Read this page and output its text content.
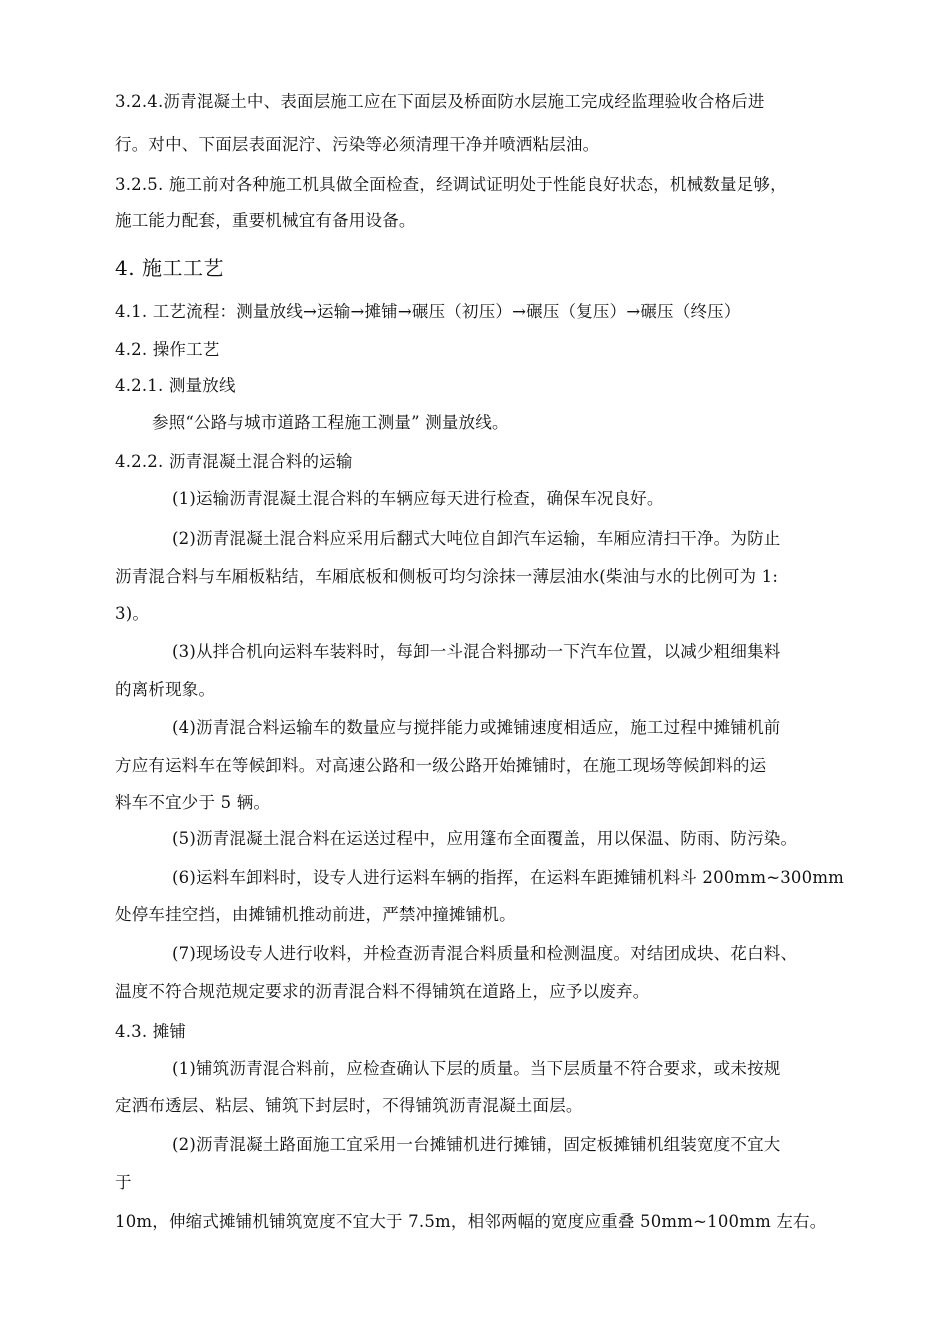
3.2.4.沥青混凝土中、表面层施工应在下面层及桥面防水层施工完成经监理验收合格后进
行。对中、下面层表面泥泞、污染等必须清理干净并喷洒粘层油。
3.2.5. 施工前对各种施工机具做全面检查，经调试证明处于性能良好状态，机械数量足够，
施工能力配套，重要机械宜有备用设备。
4. 施工工艺
4.1. 工艺流程：测量放线→运输→摊铺→碾压（初压）→碾压（复压）→碾压（终压）
4.2. 操作工艺
4.2.1. 测量放线
参照“公路与城市道路工程施工测量” 测量放线。
4.2.2. 沥青混凝土混合料的运输
(1)运输沥青混凝土混合料的车辆应每天进行检查，确保车况良好。
(2)沥青混凝土混合料应采用后翻式大吨位自卸汽车运输，车厢应清扫干净。为防止
沥青混合料与车厢板粘结，车厢底板和侧板可均匀涂抹一薄层油水(柴油与水的比例可为 1:
3)。
(3)从拌合机向运料车装料时，每卸一斗混合料挪动一下汽车位置，以减少粗细集料
的离析现象。
(4)沥青混合料运输车的数量应与搅拌能力或摊铺速度相适应，施工过程中摊铺机前
方应有运料车在等候卸料。对高速公路和一级公路开始摊铺时，在施工现场等候卸料的运
料车不宜少于 5 辆。
(5)沥青混凝土混合料在运送过程中，应用篷布全面覆盖，用以保温、防雨、防污染。
(6)运料车卸料时，设专人进行运料车辆的指挥，在运料车距摊铺机料斗 200mm~300mm
处停车挂空挡，由摊铺机推动前进，严禁冲撞摊铺机。
(7)现场设专人进行收料，并检查沥青混合料质量和检测温度。对结团成块、花白料、
温度不符合规范规定要求的沥青混合料不得铺筑在道路上，应予以废弃。
4.3. 摊铺
(1)铺筑沥青混合料前，应检查确认下层的质量。当下层质量不符合要求，或未按规
定洒布透层、粘层、铺筑下封层时，不得铺筑沥青混凝土面层。
(2)沥青混凝土路面施工宜采用一台摊铺机进行摊铺，固定板摊铺机组装宽度不宜大
于
10m，伸缩式摊铺机铺筑宽度不宜大于 7.5m，相邻两幅的宽度应重叠 50mm~100mm 左右。
